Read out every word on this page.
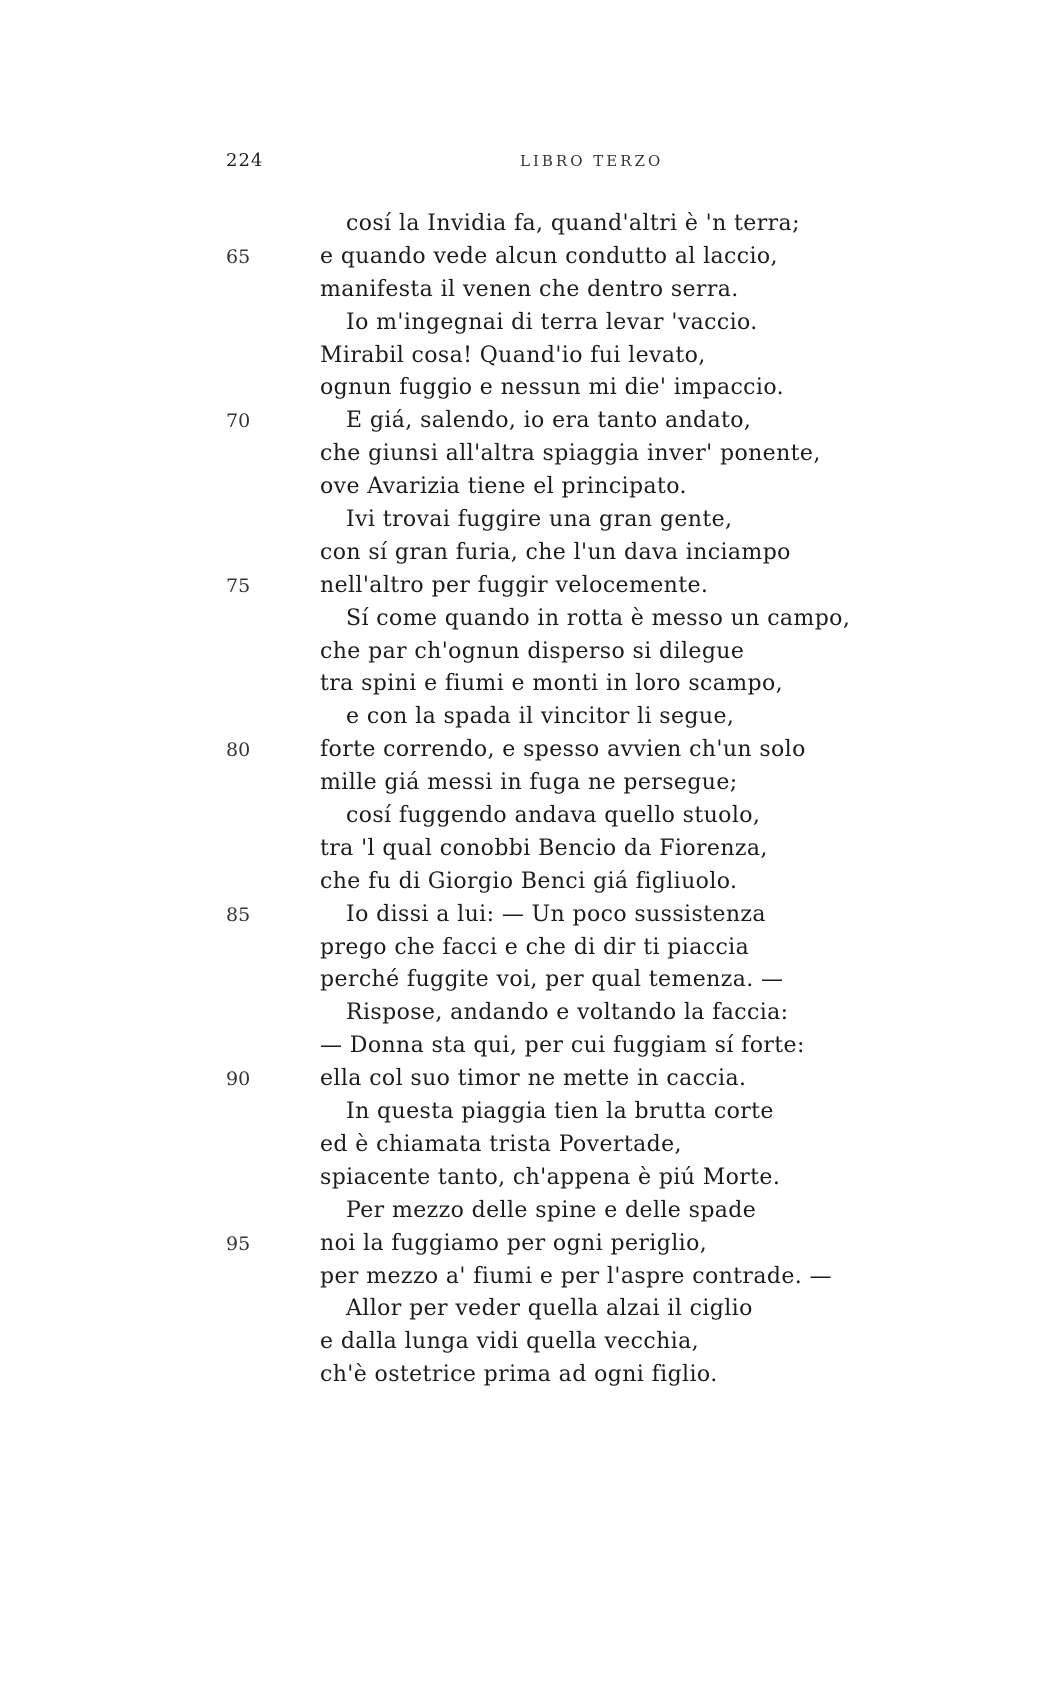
224	LIBRO TERZO
cosí la Invidia fa, quand'altri è 'n terra;
65	e quando vede alcun condutto al laccio,
manifesta il venen che dentro serra.
Io m'ingegnai di terra levar 'vaccio.
Mirabil cosa! Quand'io fui levato,
ognun fuggio e nessun mi die' impaccio.
70	E giá, salendo, io era tanto andato,
che giunsi all'altra spiaggia inver' ponente,
ove Avarizia tiene el principato.
Ivi trovai fuggire una gran gente,
con sí gran furia, che l'un dava inciampo
75	nell'altro per fuggir velocemente.
Sí come quando in rotta è messo un campo,
che par ch'ognun disperso si dilegue
tra spini e fiumi e monti in loro scampo,
e con la spada il vincitor li segue,
80	forte correndo, e spesso avvien ch'un solo
mille giá messi in fuga ne persegue;
cosí fuggendo andava quello stuolo,
tra 'l qual conobbi Bencio da Fiorenza,
che fu di Giorgio Benci giá figliuolo.
85	Io dissi a lui: — Un poco sussistenza
prego che facci e che di dir ti piaccia
perché fuggite voi, per qual temenza. —
Rispose, andando e voltando la faccia:
— Donna sta qui, per cui fuggiam sí forte:
90	ella col suo timor ne mette in caccia.
In questa piaggia tien la brutta corte
ed è chiamata trista Povertade,
spiacente tanto, ch'appena è piú Morte.
Per mezzo delle spine e delle spade
95	noi la fuggiamo per ogni periglio,
per mezzo a' fiumi e per l'aspre contrade. —
Allor per veder quella alzai il ciglio
e dalla lunga vidi quella vecchia,
ch'è ostetrice prima ad ogni figlio.
